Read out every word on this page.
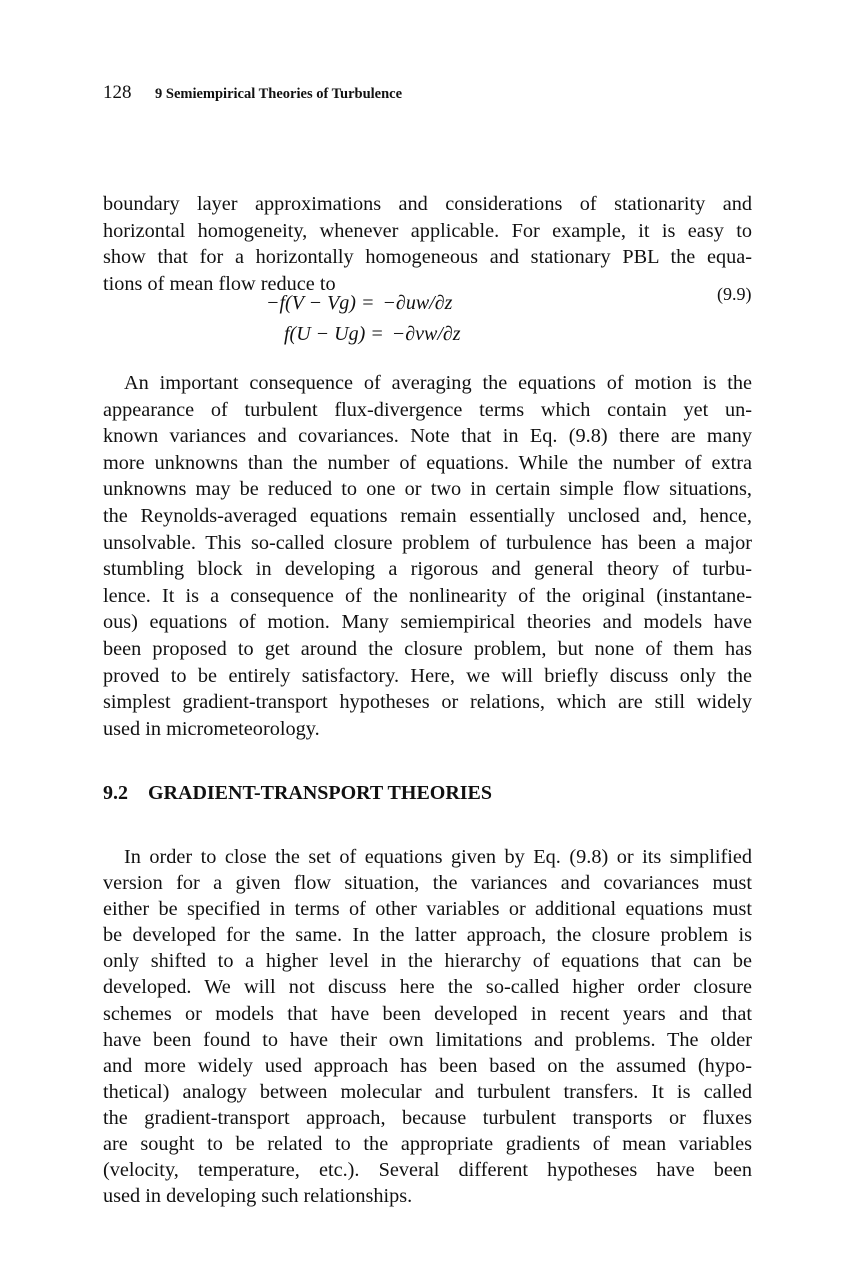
128 9 Semiempirical Theories of Turbulence
boundary layer approximations and considerations of stationarity and
horizontal homogeneity, whenever applicable. For example, it is easy to
show that for a horizontally homogeneous and stationary PBL the equa-
tions of mean flow reduce to
−f(V − Vg) = −∂uw/∂z
f(U − Ug) = −∂vw/∂z
(9.9)
An important consequence of averaging the equations of motion is the
appearance of turbulent flux-divergence terms which contain yet un-
known variances and covariances. Note that in Eq. (9.8) there are many
more unknowns than the number of equations. While the number of extra
unknowns may be reduced to one or two in certain simple flow situations,
the Reynolds-averaged equations remain essentially unclosed and, hence,
unsolvable. This so-called closure problem of turbulence has been a major
stumbling block in developing a rigorous and general theory of turbu-
lence. It is a consequence of the nonlinearity of the original (instantane-
ous) equations of motion. Many semiempirical theories and models have
been proposed to get around the closure problem, but none of them has
proved to be entirely satisfactory. Here, we will briefly discuss only the
simplest gradient-transport hypotheses or relations, which are still widely
used in micrometeorology.
9.2 GRADIENT-TRANSPORT THEORIES
In order to close the set of equations given by Eq. (9.8) or its simplified
version for a given flow situation, the variances and covariances must
either be specified in terms of other variables or additional equations must
be developed for the same. In the latter approach, the closure problem is
only shifted to a higher level in the hierarchy of equations that can be
developed. We will not discuss here the so-called higher order closure
schemes or models that have been developed in recent years and that
have been found to have their own limitations and problems. The older
and more widely used approach has been based on the assumed (hypo-
thetical) analogy between molecular and turbulent transfers. It is called
the gradient-transport approach, because turbulent transports or fluxes
are sought to be related to the appropriate gradients of mean variables
(velocity, temperature, etc.). Several different hypotheses have been
used in developing such relationships.
